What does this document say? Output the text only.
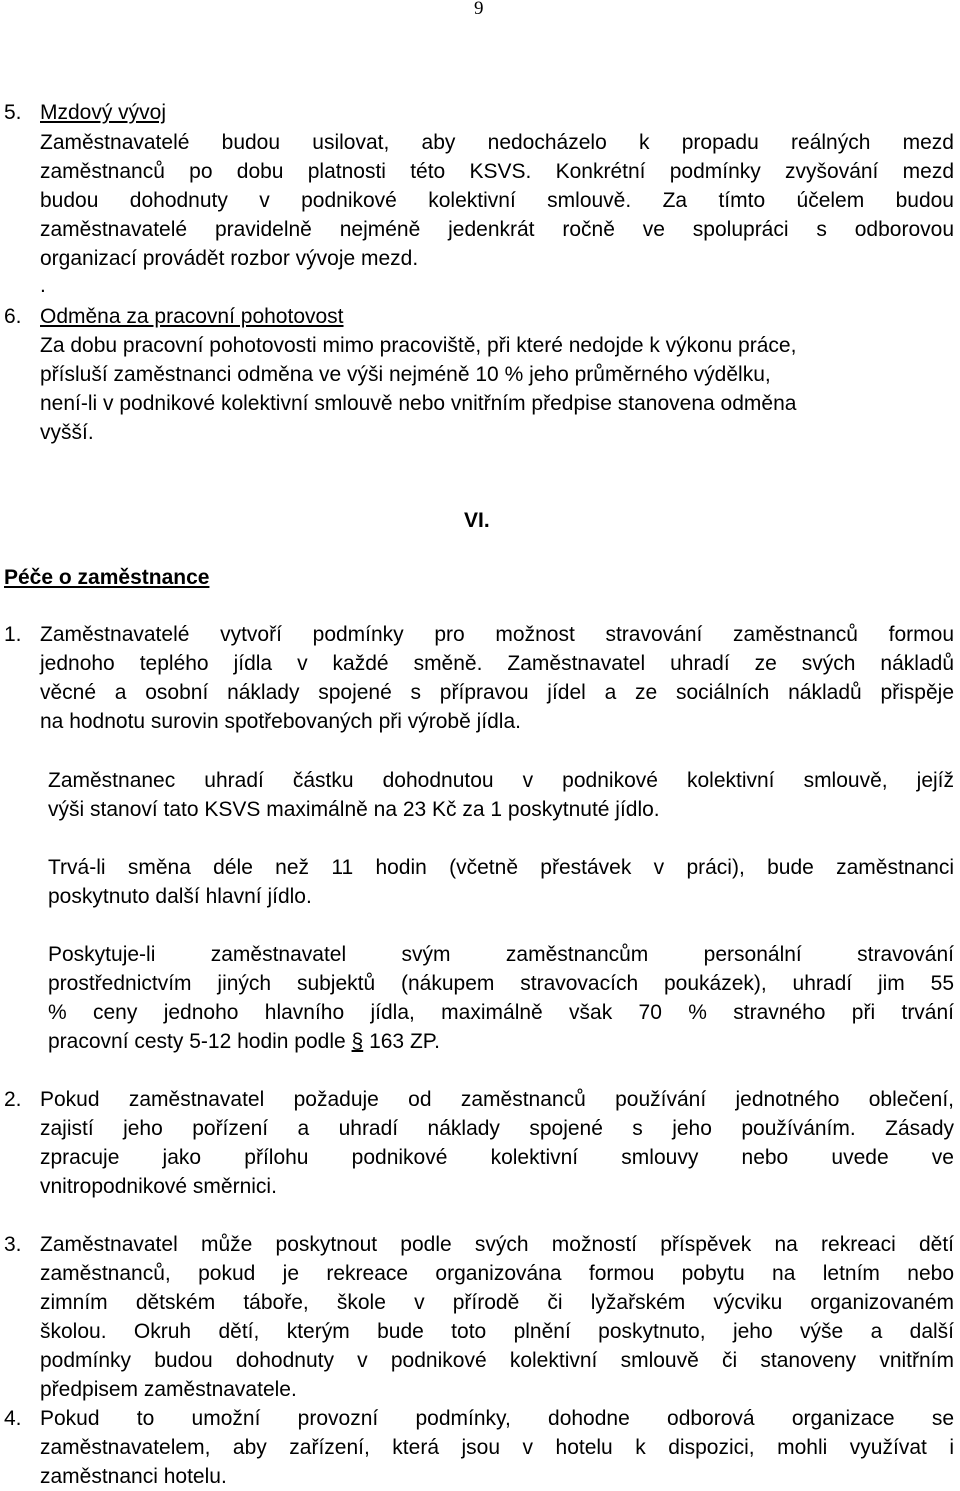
9
5. Mzdový vývoj
Zaměstnavatelé budou usilovat, aby nedocházelo k propadu reálných mezd
zaměstnanců po dobu platnosti této KSVS. Konkrétní podmínky zvyšování mezd
budou dohodnuty v podnikové kolektivní smlouvě. Za tímto účelem budou
zaměstnavatelé pravidelně nejméně jedenkrát ročně ve spolupráci s odborovou
organizací provádět rozbor vývoje mezd.
.
6. Odměna za pracovní pohotovost
Za dobu pracovní pohotovosti mimo pracoviště, při které nedojde k výkonu práce,
přísluší zaměstnanci odměna ve výši nejméně 10 % jeho průměrného výdělku,
není-li v podnikové kolektivní smlouvě nebo vnitřním předpise stanovena odměna
vyšší.
VI.
Péče o zaměstnance
1. Zaměstnavatelé vytvoří podmínky pro možnost stravování zaměstnanců formou
jednoho teplého jídla v každé směně. Zaměstnavatel uhradí ze svých nákladů
věcné a osobní náklady spojené s přípravou jídel a ze sociálních nákladů přispěje
na hodnotu surovin spotřebovaných při výrobě jídla.
Zaměstnanec uhradí částku dohodnutou v podnikové kolektivní smlouvě, jejíž
výši stanoví tato KSVS maximálně na 23 Kč za 1 poskytnuté jídlo.
Trvá-li směna déle než 11 hodin (včetně přestávek v práci), bude zaměstnanci
poskytnuto další hlavní jídlo.
Poskytuje-li zaměstnavatel svým zaměstnancům personální stravování
prostřednictvím jiných subjektů (nákupem stravovacích poukázek), uhradí jim 55
% ceny jednoho hlavního jídla, maximálně však 70 % stravného při trvání
pracovní cesty 5-12 hodin podle § 163 ZP.
2. Pokud zaměstnavatel požaduje od zaměstnanců používání jednotného oblečení,
zajistí jeho pořízení a uhradí náklady spojené s jeho používáním. Zásady
zpracuje jako přílohu podnikové kolektivní smlouvy nebo uvede ve
vnitropodnikové směrnici.
3. Zaměstnavatel může poskytnout podle svých možností příspěvek na rekreaci dětí
zaměstnanců, pokud je rekreace organizována formou pobytu na letním nebo
zimním dětském táboře, škole v přírodě či lyžařském výcviku organizovaném
školou. Okruh dětí, kterým bude toto plnění poskytnuto, jeho výše a další
podmínky budou dohodnuty v podnikové kolektivní smlouvě či stanoveny vnitřním
předpisem zaměstnavatele.
4. Pokud to umožní provozní podmínky, dohodne odborová organizace se
zaměstnavatelem, aby zařízení, která jsou v hotelu k dispozici, mohli využívat i
zaměstnanci hotelu.
